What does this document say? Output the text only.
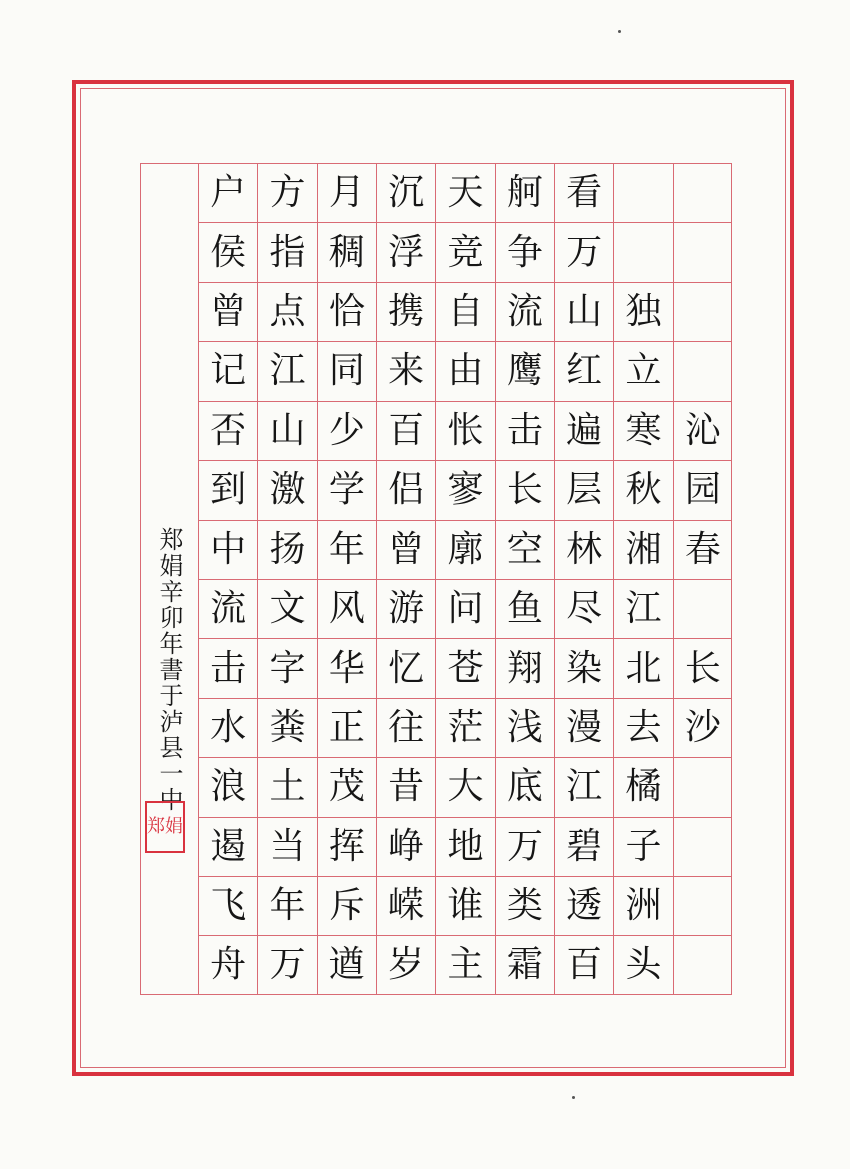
郑娟辛卯年書于泸县一中
郑 娟
沁
园
春
长
沙
独
立
寒
秋
湘
江
北
去
橘
子
洲
头
看
万
山
红
遍
层
林
尽
染
漫
江
碧
透
百
舸
争
流
鹰
击
长
空
鱼
翔
浅
底
万
类
霜
天
竞
自
由
怅
寥
廓
问
苍
茫
大
地
谁
主
沉
浮
携
来
百
侣
曾
游
忆
往
昔
峥
嵘
岁
月
稠
恰
同
少
学
年
风
华
正
茂
挥
斥
遒
方
指
点
江
山
激
扬
文
字
粪
土
当
年
万
户
侯
曾
记
否
到
中
流
击
水
浪
遏
飞
舟
